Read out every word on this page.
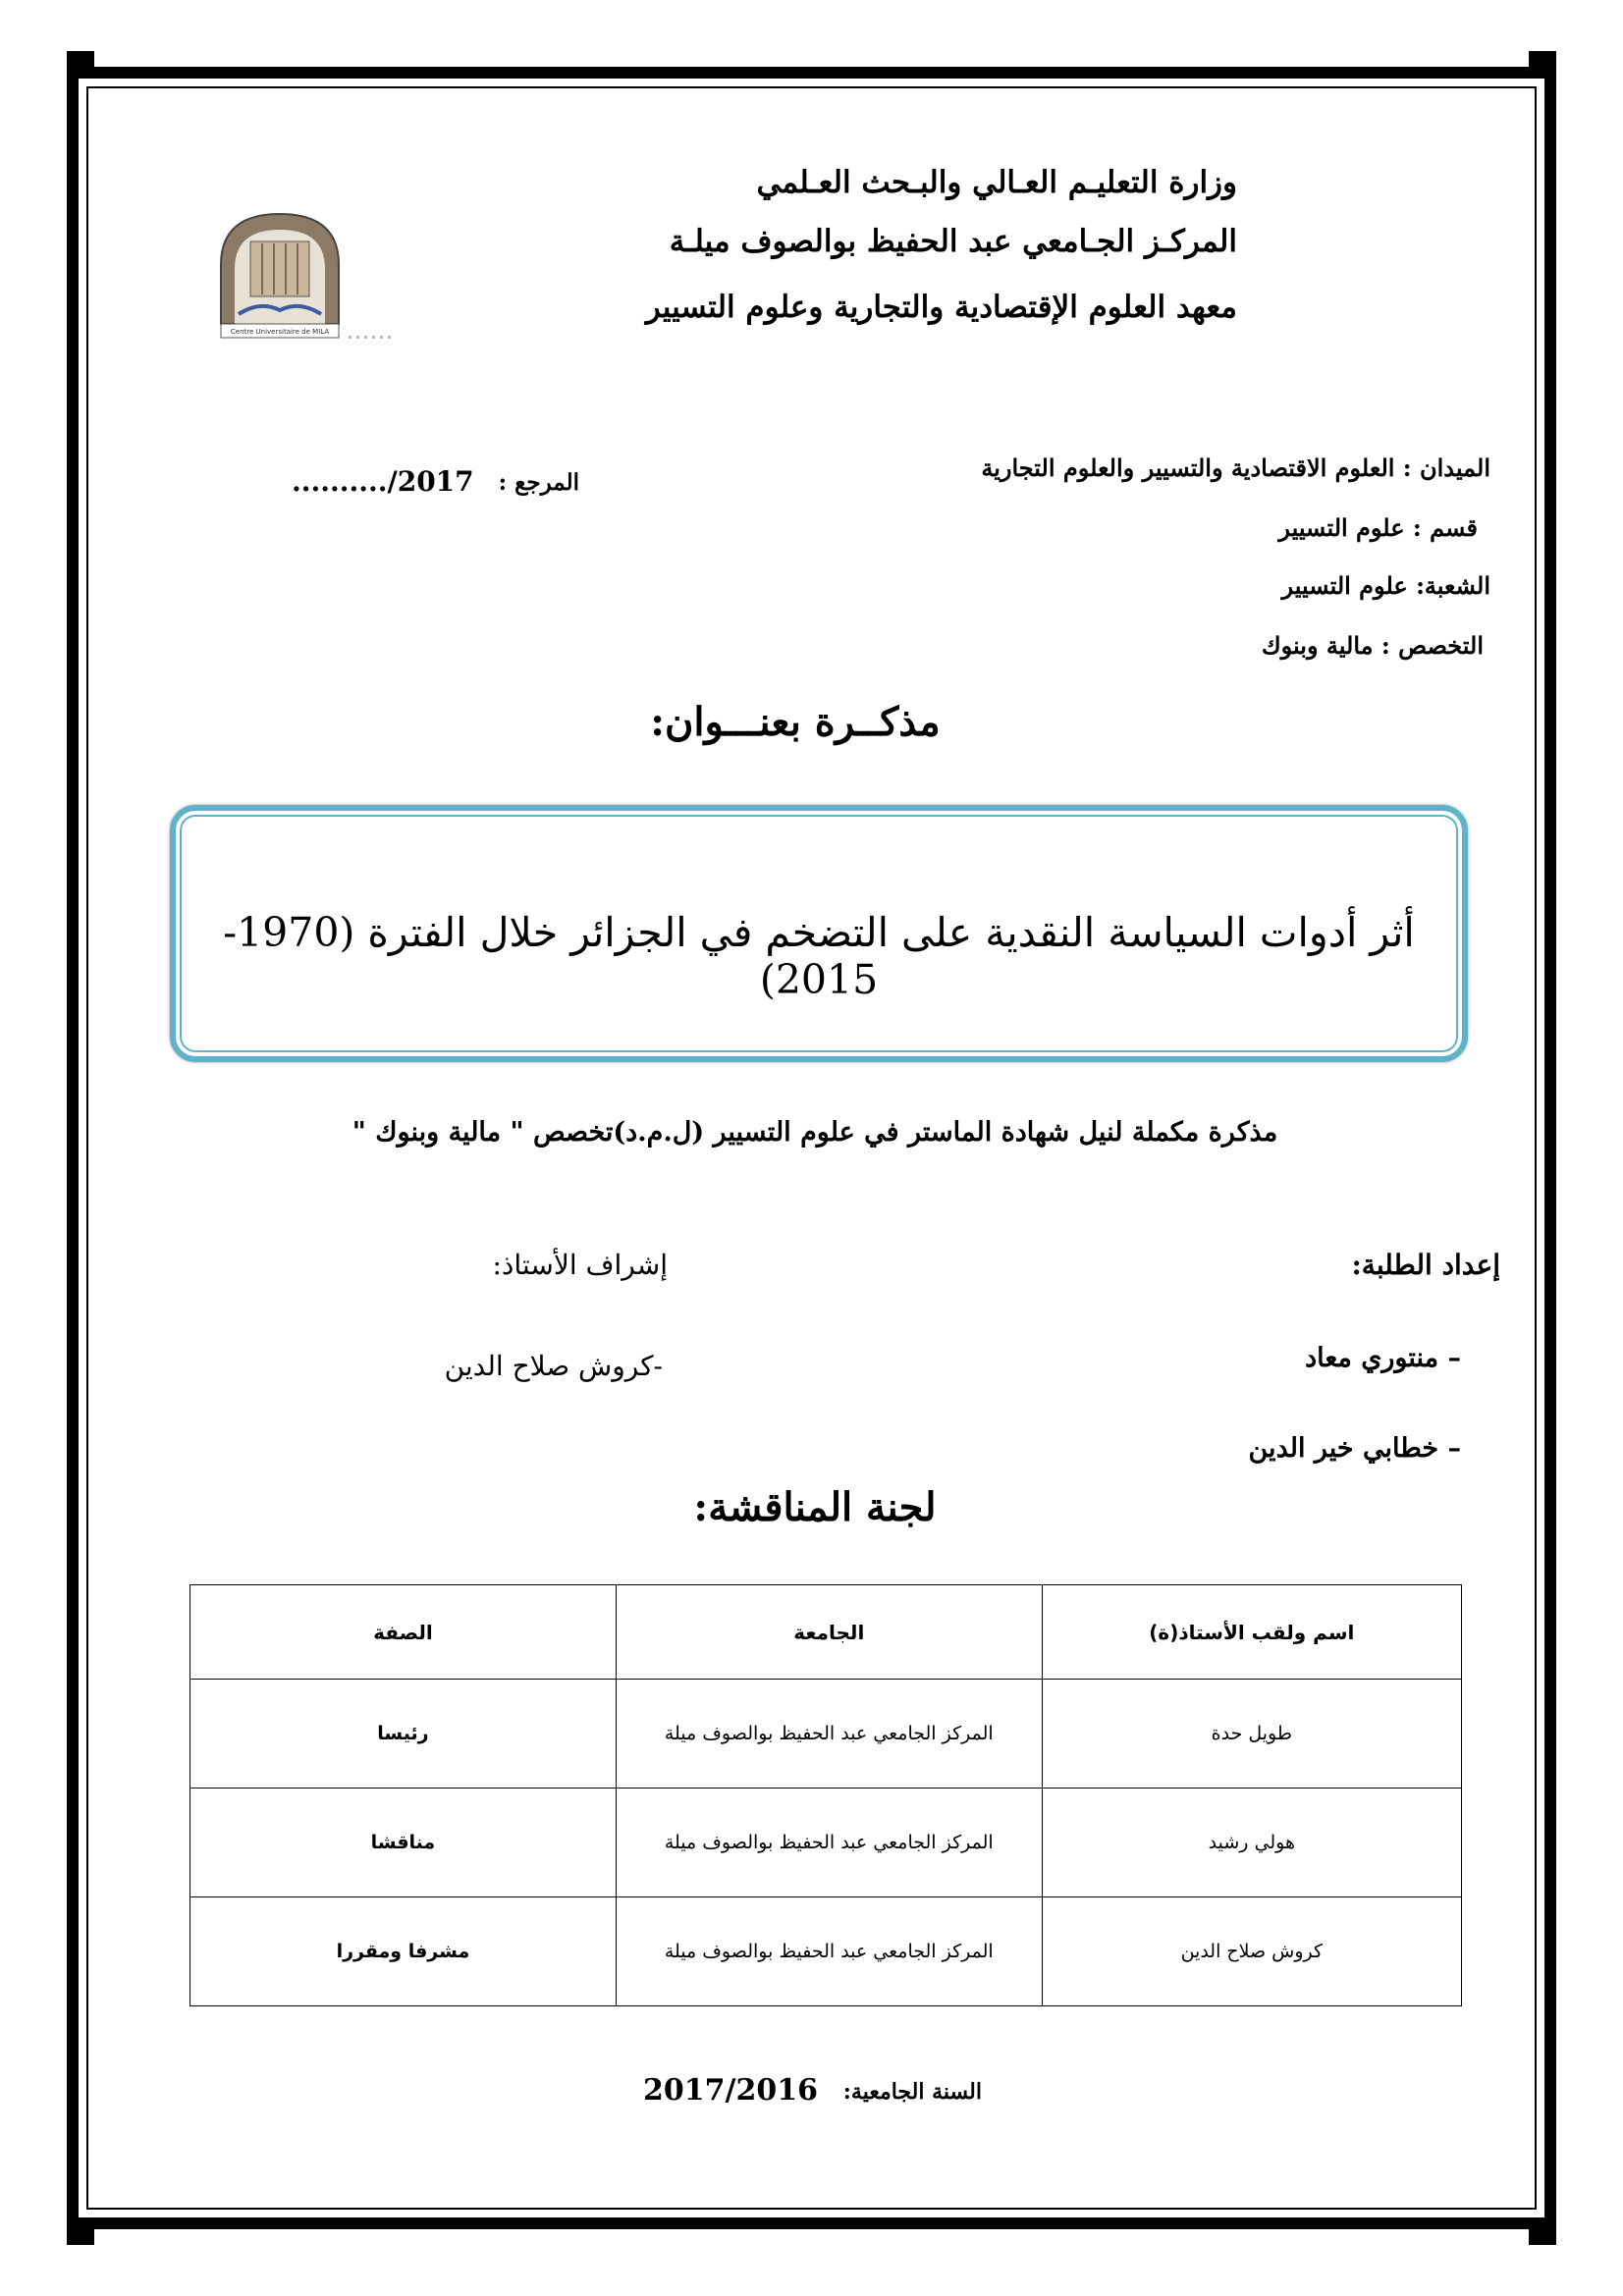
وزارة التعليـم العـالي والبـحث العـلمي
المركـز الجـامعي عبد الحفيظ بوالصوف ميلـة
معهد العلوم الإقتصادية والتجارية وعلوم التسيير
Centre Universitaire de MILA
الميدان : العلوم الاقتصادية والتسيير والعلوم التجارية
قسم : علوم التسيير
الشعبة: علوم التسيير
التخصص : مالية وبنوك
........../2017	المرجع :
مذكــرة بعنـــوان:
أثر أدوات السياسة النقدية على التضخم في الجزائر خلال الفترة (1970-2015)
مذكرة مكملة لنيل شهادة الماستر في علوم التسيير (ل.م.د)تخصص " مالية وبنوك "
إعداد الطلبة:
– منتوري معاد
– خطابي خير الدين
إشراف الأستاذ:
-كروش صلاح الدين
لجنة المناقشة:
اسم ولقب الأستاذ(ة)	الجامعة	الصفة
طويل حدة	المركز الجامعي عبد الحفيظ بوالصوف ميلة	رئيسا
هولي رشيد	المركز الجامعي عبد الحفيظ بوالصوف ميلة	مناقشا
كروش صلاح الدين	المركز الجامعي عبد الحفيظ بوالصوف ميلة	مشرفا ومقررا
السنة الجامعية:
2017/2016
